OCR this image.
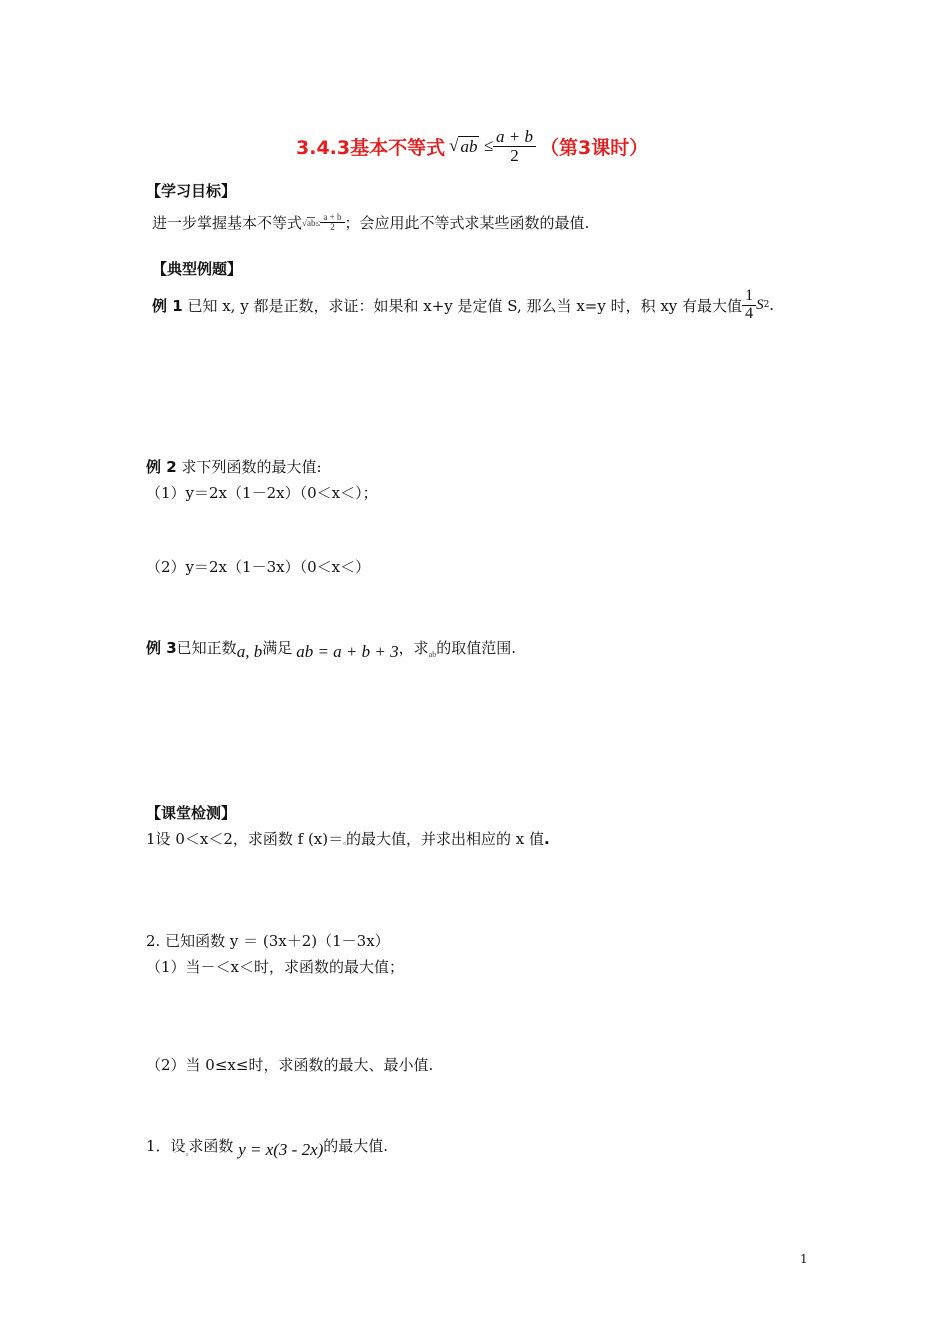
3.4.3基本不等式 √ ab
≤ $\frac{a + b}{2}$ （第3课时）
【学习目标】
进一步掌握基本不等式 √ ab ≤ $\frac{a + b}{2}$ ；会应用此不等式求某些函数的最值.
【典型例题】
例 1
已知 x, y 都是正数，求证：如果和 x+y 是定值 S, 那么当 x=y 时，积 xy 有最大值 $\frac{1}{4}$ S 2 .
例 2 求下列函数的最大值:
（1）y＝2x（1－2x）（0＜x＜）；
（2）y＝2x（1－3x）（0＜x＜）
例 3 已知正数 a, b 满足 ab = a + b + 3 ，求 ab 的取值范围.
【课堂检测】
1 设 0＜x＜2，求函数 f (x)＝ ▫ 的最大值，并求出相应的 x 值 .
2. 已知函数 y ＝ (3x＋2)（1－3x）
（1）当－＜x＜时，求函数的最大值；
（2）当 0≤x≤时，求函数的最大、最小值.
1．设 ▫ 求函数
y = x(3 - 2x) 的最大值.
1
